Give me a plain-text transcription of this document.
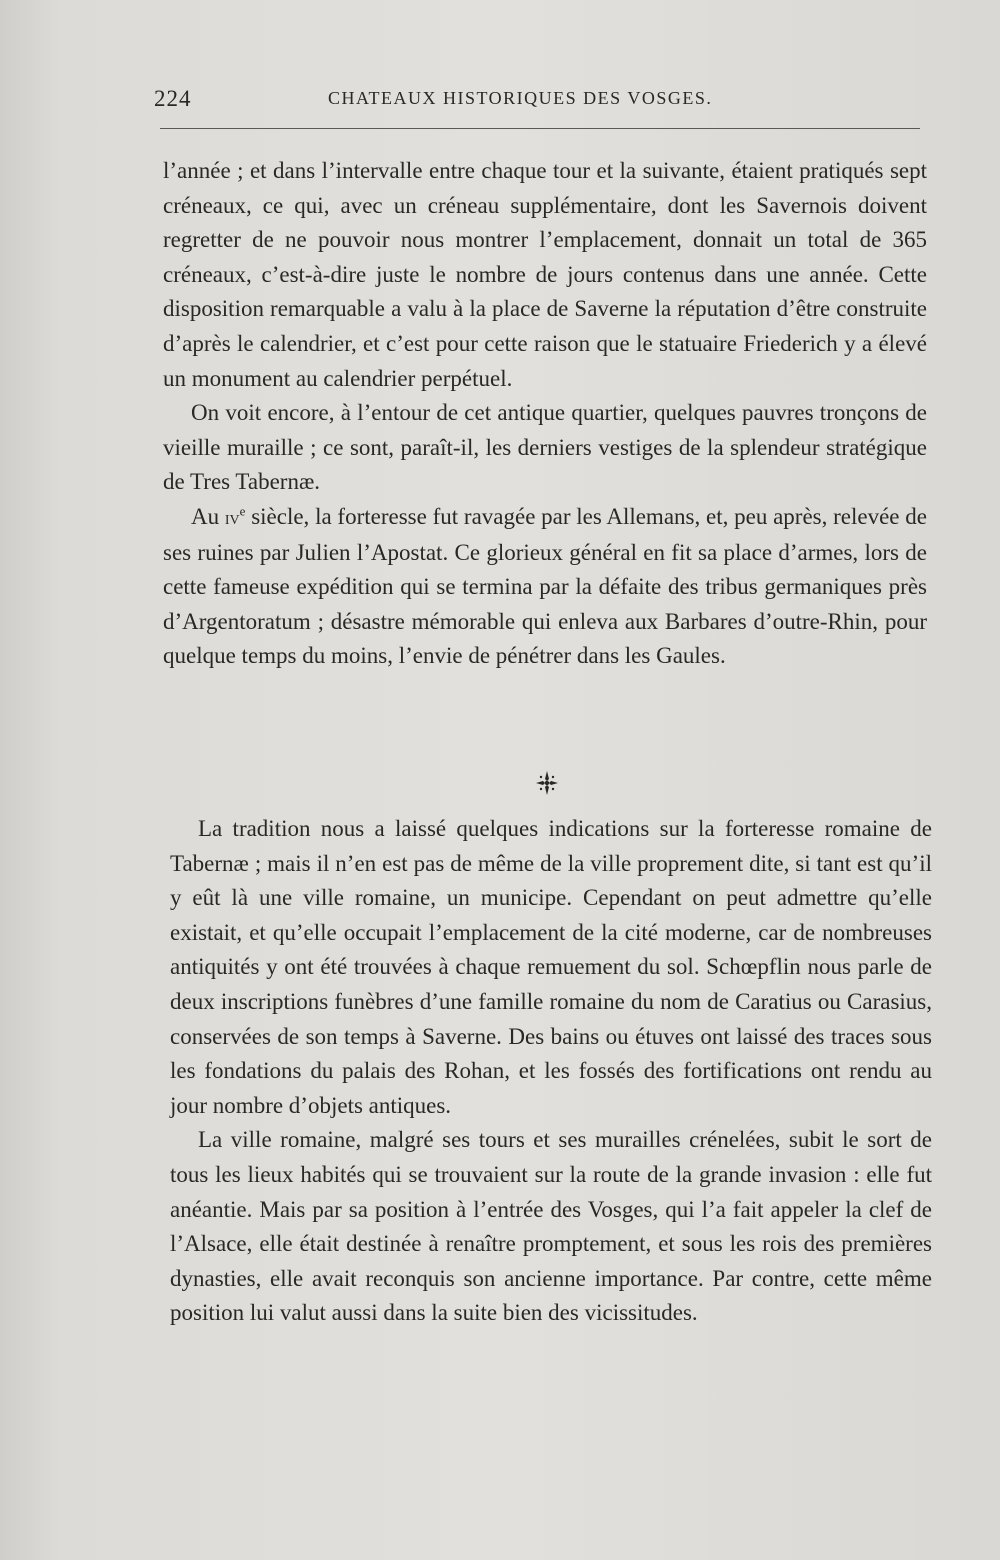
224	CHATEAUX HISTORIQUES DES VOSGES.

l’année ; et dans l’intervalle entre chaque tour et la suivante, étaient pratiqués sept créneaux, ce qui, avec un créneau supplémentaire, dont les Savernois doivent regretter de ne pouvoir nous montrer l’emplacement, donnait un total de 365 créneaux, c’est-à-dire juste le nombre de jours contenus dans une année. Cette disposition remarquable a valu à la place de Saverne la réputation d’être construite d’après le calendrier, et c’est pour cette raison que le statuaire Friederich y a élevé un monument au calendrier perpétuel.

On voit encore, à l’entour de cet antique quartier, quelques pauvres tronçons de vieille muraille ; ce sont, paraît-il, les derniers vestiges de la splendeur stratégique de Tres Tabernæ.

Au $iv^e$ siècle, la forteresse fut ravagée par les Allemans, et, peu après, relevée de ses ruines par Julien l’Apostat. Ce glorieux général en fit sa place d’armes, lors de cette fameuse expédition qui se termina par la défaite des tribus germaniques près d’Argentoratum ; désastre mémorable qui enleva aux Barbares d’outre-Rhin, pour quelque temps du moins, l’envie de pénétrer dans les Gaules.

La tradition nous a laissé quelques indications sur la forteresse romaine de Tabernæ ; mais il n’en est pas de même de la ville proprement dite, si tant est qu’il y eût là une ville romaine, un municipe. Cependant on peut admettre qu’elle existait, et qu’elle occupait l’emplacement de la cité moderne, car de nombreuses antiquités y ont été trouvées à chaque remuement du sol. Schœpflin nous parle de deux inscriptions funèbres d’une famille romaine du nom de Caratius ou Carasius, conservées de son temps à Saverne. Des bains ou étuves ont laissé des traces sous les fondations du palais des Rohan, et les fossés des fortifications ont rendu au jour nombre d’objets antiques.

La ville romaine, malgré ses tours et ses murailles crénelées, subit le sort de tous les lieux habités qui se trouvaient sur la route de la grande invasion : elle fut anéantie. Mais par sa position à l’entrée des Vosges, qui l’a fait appeler la clef de l’Alsace, elle était destinée à renaître promptement, et sous les rois des premières dynasties, elle avait reconquis son ancienne importance. Par contre, cette même position lui valut aussi dans la suite bien des vicissitudes.
